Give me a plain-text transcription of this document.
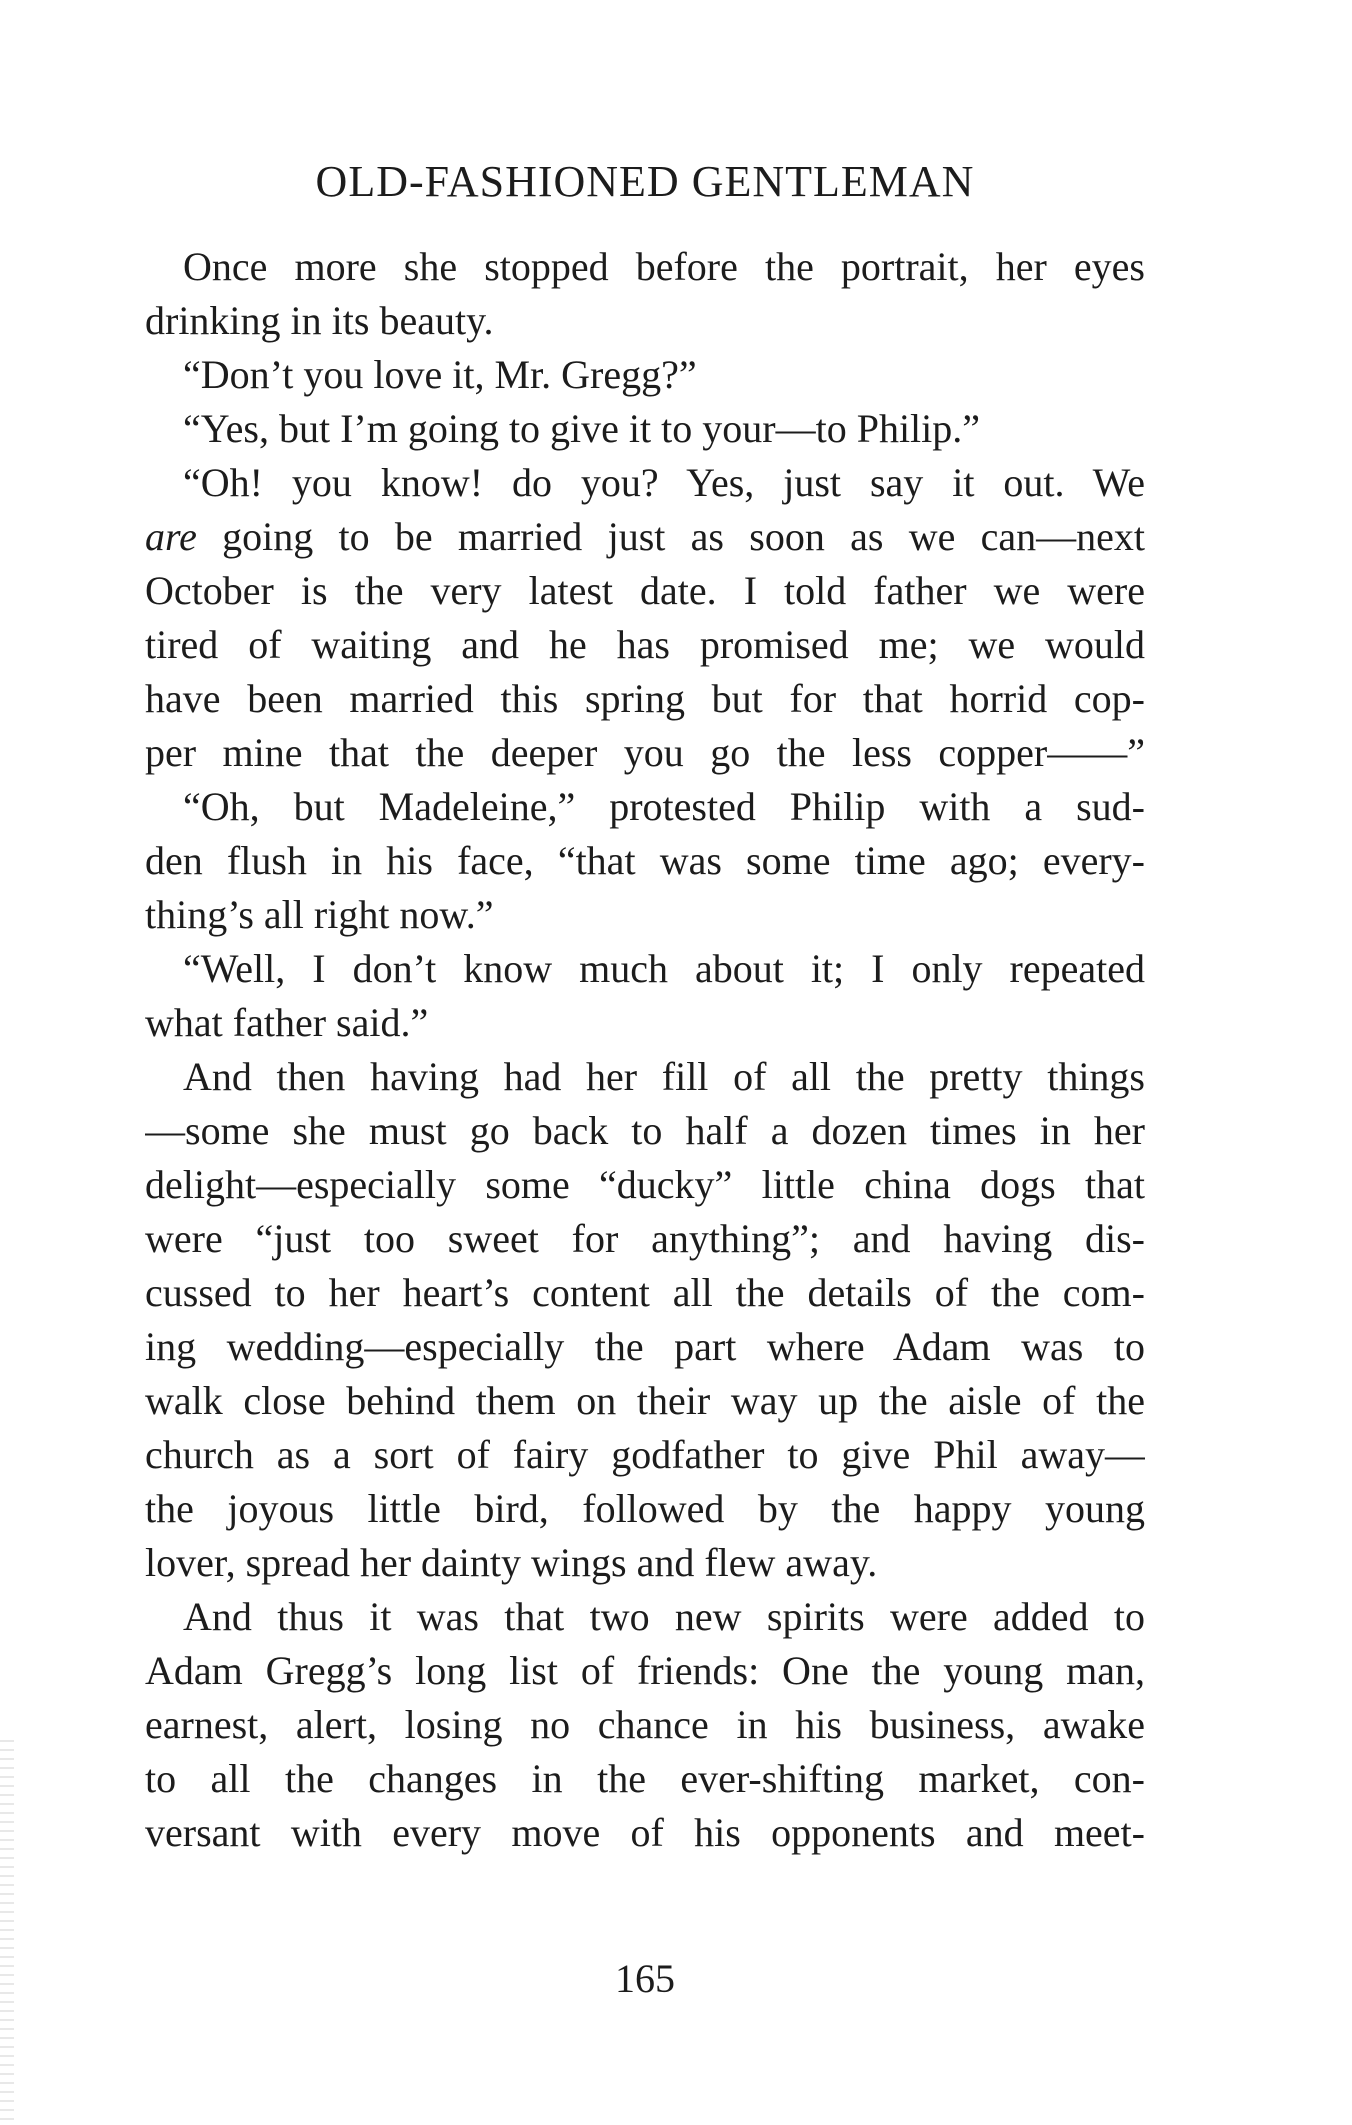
OLD-FASHIONED GENTLEMAN
Once more she stopped before the portrait, her eyes
drinking in its beauty.
“Don’t you love it, Mr. Gregg?”
“Yes, but I’m going to give it to your—to Philip.”
“Oh! you know! do you? Yes, just say it out. We
are going to be married just as soon as we can—next
October is the very latest date. I told father we were
tired of waiting and he has promised me; we would
have been married this spring but for that horrid cop-
per mine that the deeper you go the less copper——”
“Oh, but Madeleine,” protested Philip with a sud-
den flush in his face, “that was some time ago; every-
thing’s all right now.”
“Well, I don’t know much about it; I only repeated
what father said.”
And then having had her fill of all the pretty things
—some she must go back to half a dozen times in her
delight—especially some “ducky” little china dogs that
were “just too sweet for anything”; and having dis-
cussed to her heart’s content all the details of the com-
ing wedding—especially the part where Adam was to
walk close behind them on their way up the aisle of the
church as a sort of fairy godfather to give Phil away—
the joyous little bird, followed by the happy young
lover, spread her dainty wings and flew away.
And thus it was that two new spirits were added to
Adam Gregg’s long list of friends: One the young man,
earnest, alert, losing no chance in his business, awake
to all the changes in the ever-shifting market, con-
versant with every move of his opponents and meet-
165
